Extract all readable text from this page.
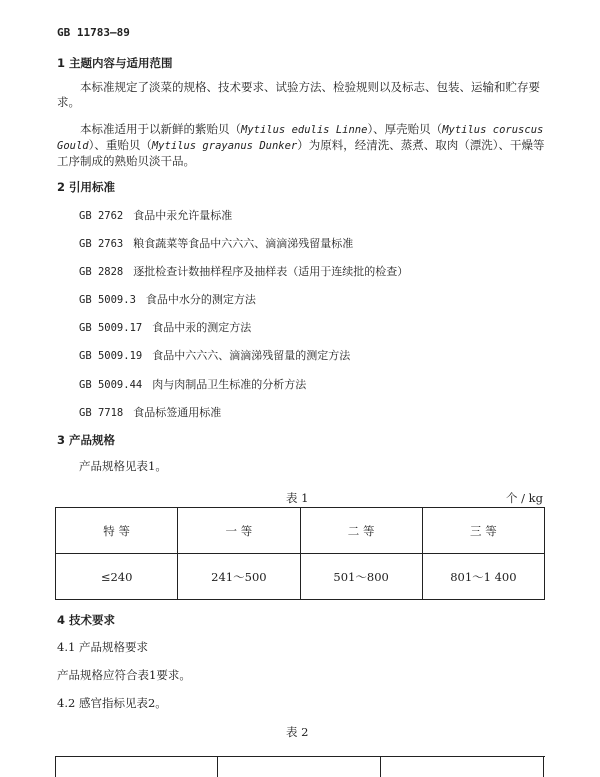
GB 11783—89
1 主题内容与适用范围
本标准规定了淡菜的规格、技术要求、试验方法、检验规则以及标志、包装、运输和贮存要求。
本标准适用于以新鲜的紫贻贝（Mytilus edulis Linne）、厚壳贻贝（Mytilus coruscus Gould）、重贻贝（Mytilus grayanus Dunker）为原料，经清洗、蒸煮、取肉（漂洗）、干燥等工序制成的熟贻贝淡干品。
2 引用标准
GB 2762 食品中汞允许量标准
GB 2763 粮食蔬菜等食品中六六六、滴滴涕残留量标准
GB 2828 逐批检查计数抽样程序及抽样表（适用于连续批的检查）
GB 5009.3 食品中水分的测定方法
GB 5009.17 食品中汞的测定方法
GB 5009.19 食品中六六六、滴滴涕残留量的测定方法
GB 5009.44 肉与肉制品卫生标准的分析方法
GB 7718 食品标签通用标准
3 产品规格
产品规格见表1。
表 1	个 / kg
特 等	一 等	二 等	三 等
≤240	241～500	501～800	801～1 400
4 技术要求
4.1 产品规格要求
产品规格应符合表1要求。
4.2 感官指标见表2。
表 2
